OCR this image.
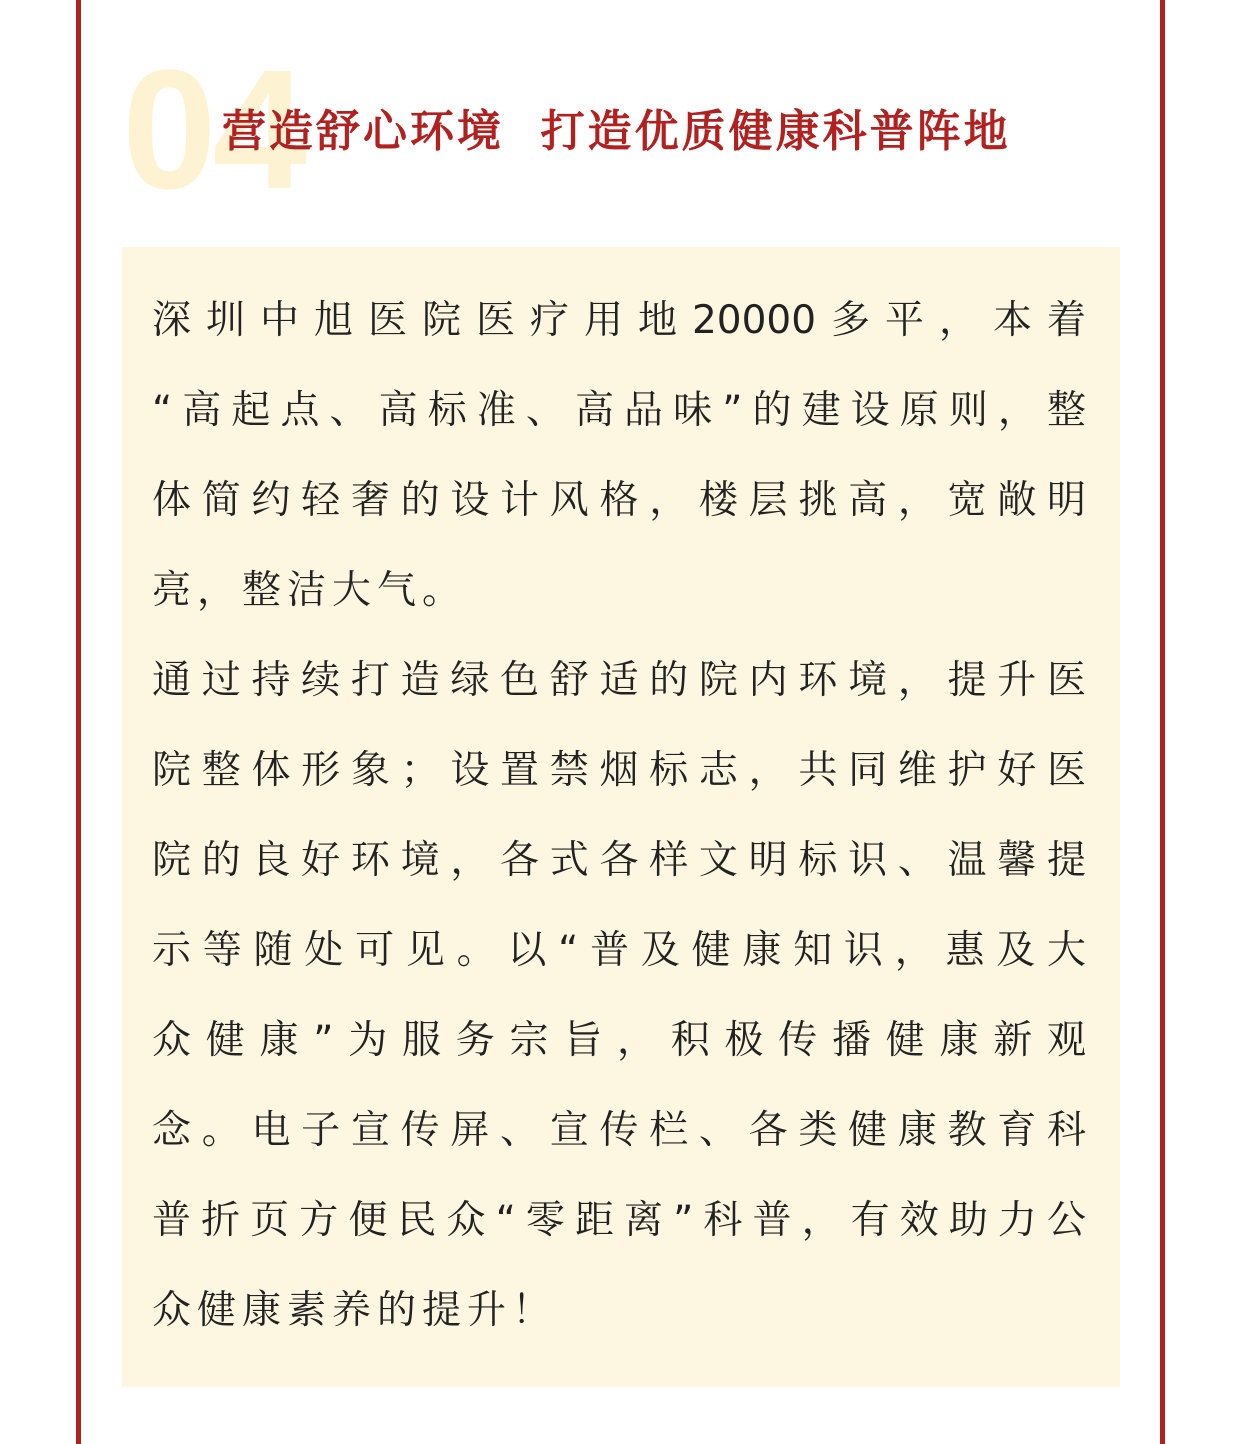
04
营造舒心环境  打造优质健康科普阵地
深圳中旭医院医疗用地20000多平，本着
“高起点、高标准、高品味”的建设原则，整
体简约轻奢的设计风格，楼层挑高，宽敞明
亮，整洁大气。
通过持续打造绿色舒适的院内环境，提升医
院整体形象；设置禁烟标志，共同维护好医
院的良好环境，各式各样文明标识、温馨提
示等随处可见。以“普及健康知识，惠及大
众健康”为服务宗旨，积极传播健康新观
念。电子宣传屏、宣传栏、各类健康教育科
普折页方便民众“零距离”科普，有效助力公
众健康素养的提升！
